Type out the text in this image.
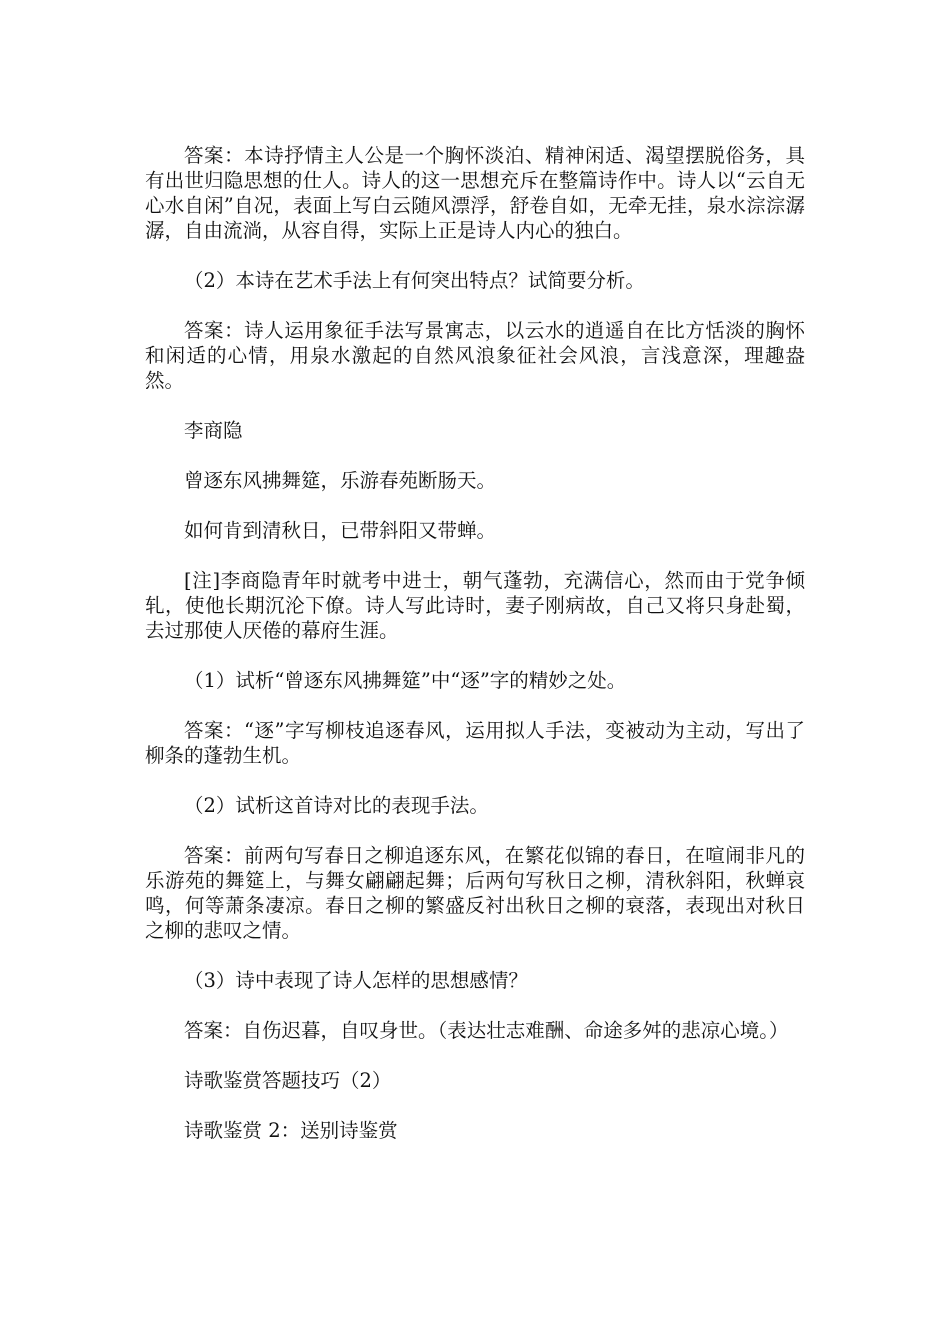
答案：本诗抒情主人公是一个胸怀淡泊、精神闲适、渴望摆脱俗务，具有出世归隐思想的仕人。诗人的这一思想充斥在整篇诗作中。诗人以“云自无心水自闲”自况，表面上写白云随风漂浮，舒卷自如，无牵无挂，泉水淙淙潺潺，自由流淌，从容自得，实际上正是诗人内心的独白。

（2）本诗在艺术手法上有何突出特点？试简要分析。

答案：诗人运用象征手法写景寓志，以云水的逍遥自在比方恬淡的胸怀和闲适的心情，用泉水激起的自然风浪象征社会风浪，言浅意深，理趣盎然。

李商隐

曾逐东风拂舞筵，乐游春苑断肠天。

如何肯到清秋日，已带斜阳又带蝉。

[注]李商隐青年时就考中进士，朝气蓬勃，充满信心，然而由于党争倾轧，使他长期沉沦下僚。诗人写此诗时，妻子刚病故，自己又将只身赴蜀，去过那使人厌倦的幕府生涯。

（1）试析“曾逐东风拂舞筵”中“逐”字的精妙之处。

答案：“逐”字写柳枝追逐春风，运用拟人手法，变被动为主动，写出了柳条的蓬勃生机。

（2）试析这首诗对比的表现手法。

答案：前两句写春日之柳追逐东风，在繁花似锦的春日，在喧闹非凡的乐游苑的舞筵上，与舞女翩翩起舞；后两句写秋日之柳，清秋斜阳，秋蝉哀鸣，何等萧条凄凉。春日之柳的繁盛反衬出秋日之柳的衰落，表现出对秋日之柳的悲叹之情。

（3）诗中表现了诗人怎样的思想感情？

答案：自伤迟暮，自叹身世。（表达壮志难酬、命途多舛的悲凉心境。）

诗歌鉴赏答题技巧（2）

诗歌鉴赏 2：送别诗鉴赏
